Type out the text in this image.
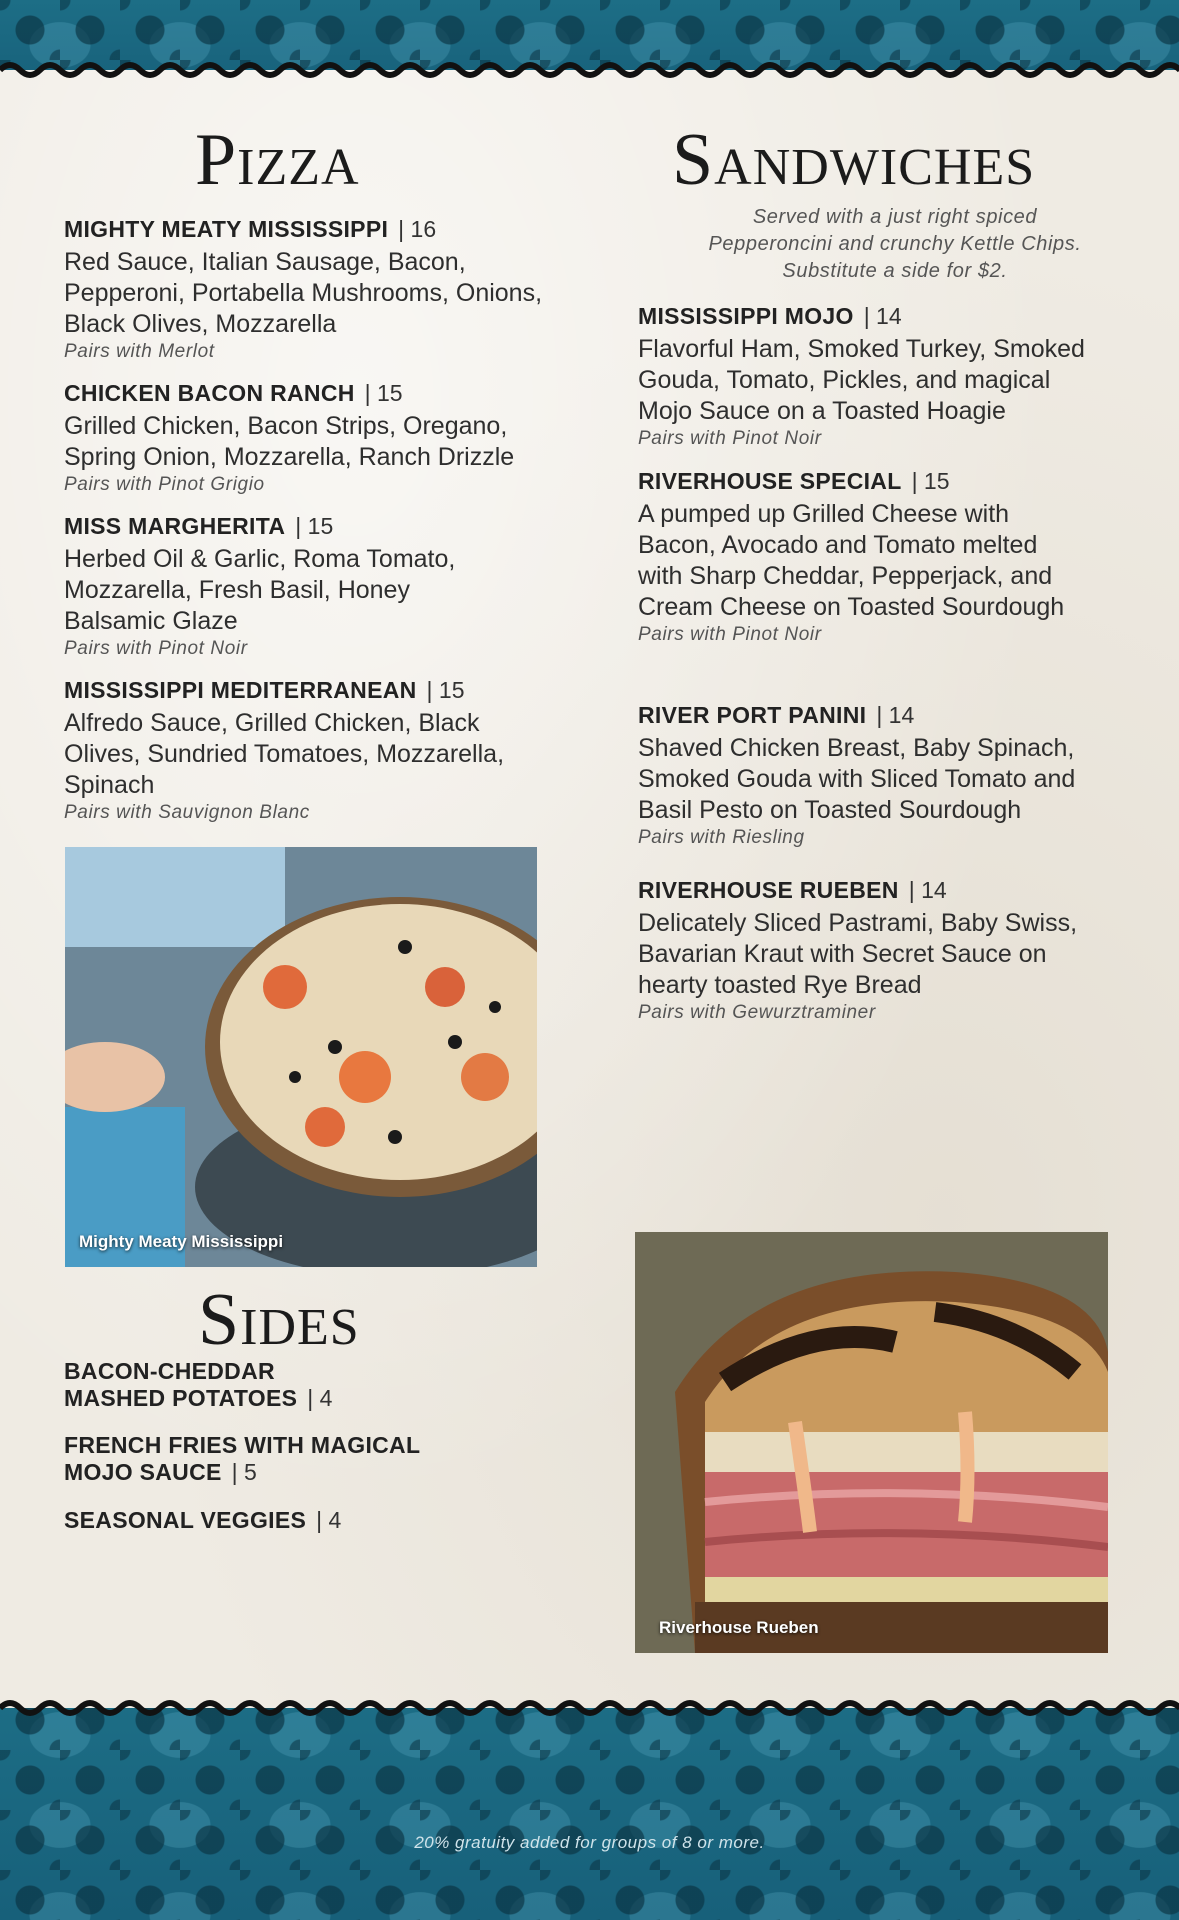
Pizza
MIGHTY MEATY MISSISSIPPI | 16
Red Sauce, Italian Sausage, Bacon, Pepperoni, Portabella Mushrooms, Onions, Black Olives, Mozzarella
Pairs with Merlot
CHICKEN BACON RANCH | 15
Grilled Chicken, Bacon Strips, Oregano, Spring Onion, Mozzarella, Ranch Drizzle
Pairs with Pinot Grigio
MISS MARGHERITA | 15
Herbed Oil & Garlic, Roma Tomato, Mozzarella, Fresh Basil, Honey Balsamic Glaze
Pairs with Pinot Noir
MISSISSIPPI MEDITERRANEAN | 15
Alfredo Sauce, Grilled Chicken, Black Olives, Sundried Tomatoes, Mozzarella, Spinach
Pairs with Sauvignon Blanc
Mighty Meaty Mississippi
Sides
BACON-CHEDDAR
MASHED POTATOES | 4
FRENCH FRIES WITH MAGICAL
MOJO SAUCE | 5
SEASONAL VEGGIES | 4
Sandwiches
Served with a just right spiced
Pepperoncini and crunchy Kettle Chips.
Substitute a side for $2.
MISSISSIPPI MOJO | 14
Flavorful Ham, Smoked Turkey, Smoked Gouda, Tomato, Pickles, and magical Mojo Sauce on a Toasted Hoagie
Pairs with Pinot Noir
RIVERHOUSE SPECIAL | 15
A pumped up Grilled Cheese with Bacon, Avocado and Tomato melted with Sharp Cheddar, Pepperjack, and Cream Cheese on Toasted Sourdough
Pairs with Pinot Noir
RIVER PORT PANINI | 14
Shaved Chicken Breast, Baby Spinach, Smoked Gouda with Sliced Tomato and Basil Pesto on Toasted Sourdough
Pairs with Riesling
RIVERHOUSE RUEBEN | 14
Delicately Sliced Pastrami, Baby Swiss, Bavarian Kraut with Secret Sauce on hearty toasted Rye Bread
Pairs with Gewurztraminer
Riverhouse Rueben
20% gratuity added for groups of 8 or more.
